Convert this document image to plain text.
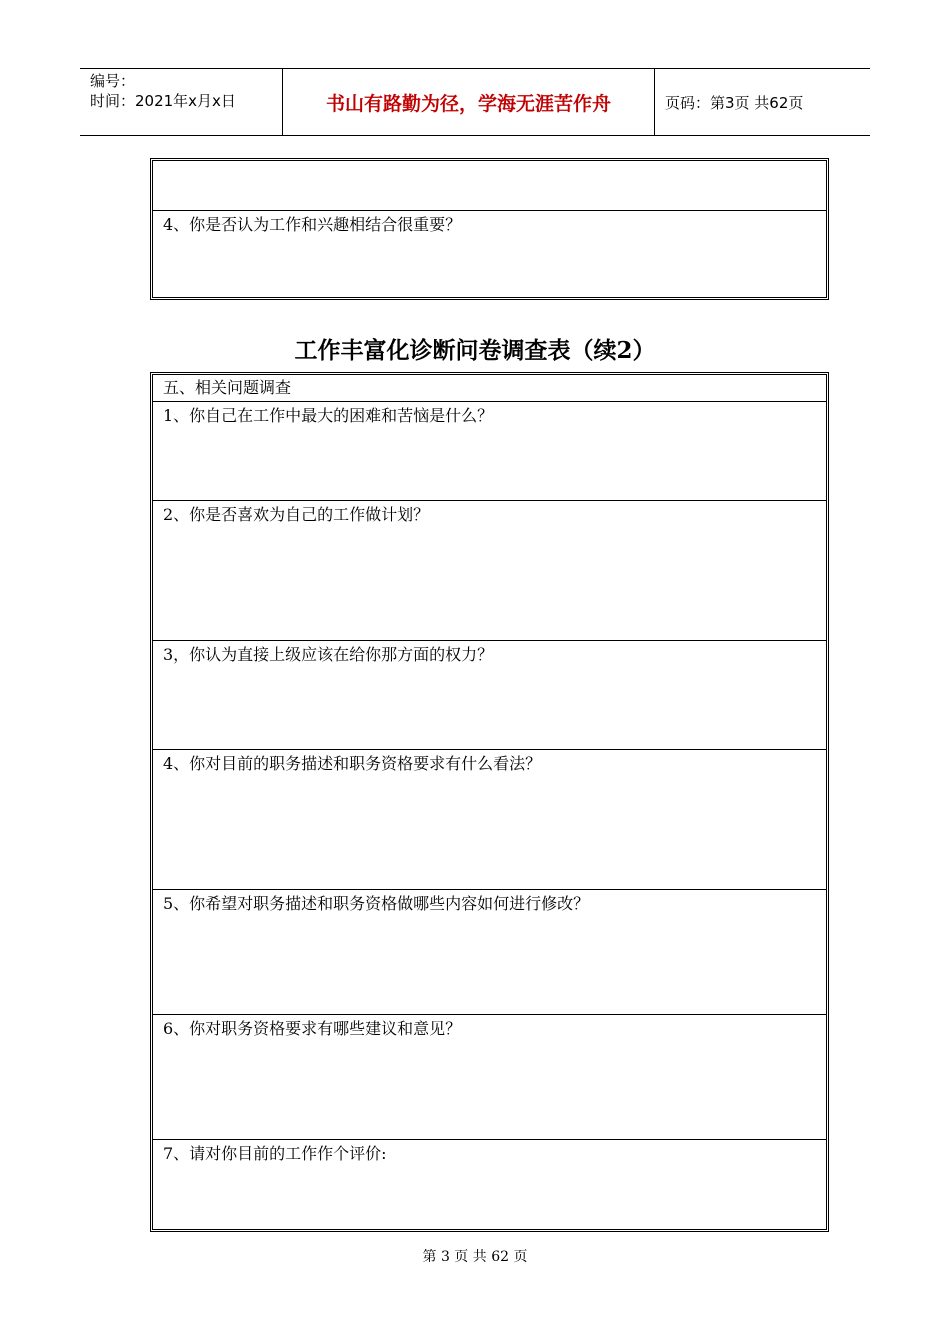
编号：
时间：2021年x月x日	书山有路勤为径，学海无涯苦作舟	页码：第3页 共62页
4、你是否认为工作和兴趣相结合很重要？
工作丰富化诊断问卷调查表（续2）
五、相关问题调查
1、你自己在工作中最大的困难和苦恼是什么？
2、你是否喜欢为自己的工作做计划？
3，你认为直接上级应该在给你那方面的权力？
4、你对目前的职务描述和职务资格要求有什么看法？
5、你希望对职务描述和职务资格做哪些内容如何进行修改？
6、你对职务资格要求有哪些建议和意见？
7、请对你目前的工作作个评价:
第 3 页 共 62 页
